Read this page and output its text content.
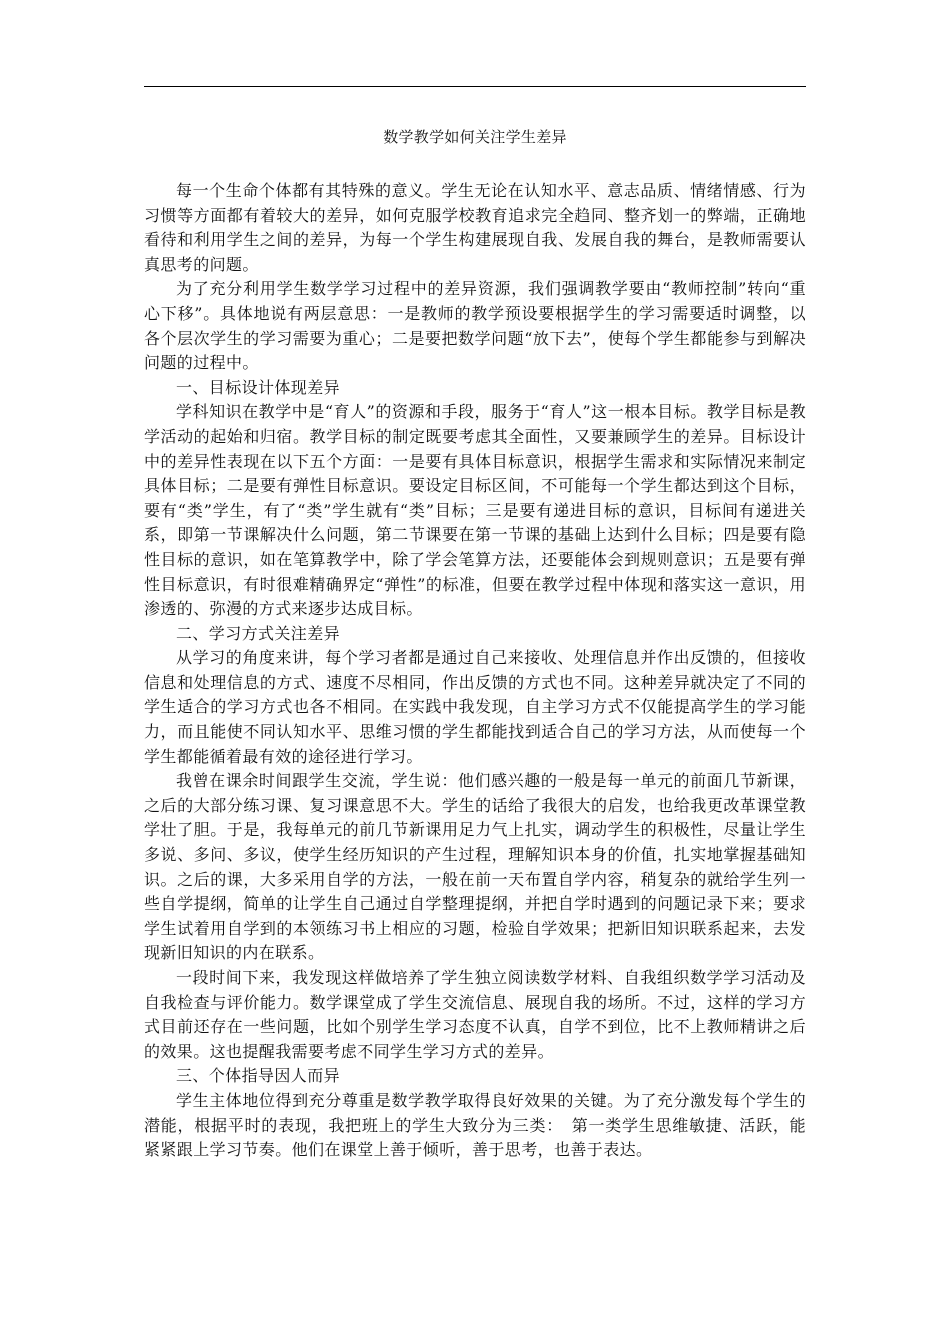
数学教学如何关注学生差异

每一个生命个体都有其特殊的意义。学生无论在认知水平、意志品质、情绪情感、行为习惯等方面都有着较大的差异，如何克服学校教育追求完全趋同、整齐划一的弊端，正确地看待和利用学生之间的差异，为每一个学生构建展现自我、发展自我的舞台，是教师需要认真思考的问题。

为了充分利用学生数学学习过程中的差异资源，我们强调教学要由“教师控制”转向“重心下移”。具体地说有两层意思：一是教师的教学预设要根据学生的学习需要适时调整，以各个层次学生的学习需要为重心；二是要把数学问题“放下去”，使每个学生都能参与到解决问题的过程中。

一、目标设计体现差异

学科知识在教学中是“育人”的资源和手段，服务于“育人”这一根本目标。教学目标是教学活动的起始和归宿。教学目标的制定既要考虑其全面性，又要兼顾学生的差异。目标设计中的差异性表现在以下五个方面：一是要有具体目标意识，根据学生需求和实际情况来制定具体目标；二是要有弹性目标意识。要设定目标区间，不可能每一个学生都达到这个目标，要有“类”学生，有了“类”学生就有“类”目标；三是要有递进目标的意识，目标间有递进关系，即第一节课解决什么问题，第二节课要在第一节课的基础上达到什么目标；四是要有隐性目标的意识，如在笔算教学中，除了学会笔算方法，还要能体会到规则意识；五是要有弹性目标意识，有时很难精确界定“弹性”的标准，但要在教学过程中体现和落实这一意识，用渗透的、弥漫的方式来逐步达成目标。

二、学习方式关注差异

从学习的角度来讲，每个学习者都是通过自己来接收、处理信息并作出反馈的，但接收信息和处理信息的方式、速度不尽相同，作出反馈的方式也不同。这种差异就决定了不同的学生适合的学习方式也各不相同。在实践中我发现，自主学习方式不仅能提高学生的学习能力，而且能使不同认知水平、思维习惯的学生都能找到适合自己的学习方法，从而使每一个学生都能循着最有效的途径进行学习。

我曾在课余时间跟学生交流，学生说：他们感兴趣的一般是每一单元的前面几节新课，之后的大部分练习课、复习课意思不大。学生的话给了我很大的启发，也给我更改革课堂教学壮了胆。于是，我每单元的前几节新课用足力气上扎实，调动学生的积极性，尽量让学生多说、多问、多议，使学生经历知识的产生过程，理解知识本身的价值，扎实地掌握基础知识。之后的课，大多采用自学的方法，一般在前一天布置自学内容，稍复杂的就给学生列一些自学提纲，简单的让学生自己通过自学整理提纲，并把自学时遇到的问题记录下来；要求学生试着用自学到的本领练习书上相应的习题，检验自学效果；把新旧知识联系起来，去发现新旧知识的内在联系。

一段时间下来，我发现这样做培养了学生独立阅读数学材料、自我组织数学学习活动及自我检查与评价能力。数学课堂成了学生交流信息、展现自我的场所。不过，这样的学习方式目前还存在一些问题，比如个别学生学习态度不认真，自学不到位，比不上教师精讲之后的效果。这也提醒我需要考虑不同学生学习方式的差异。

三、个体指导因人而异

学生主体地位得到充分尊重是数学教学取得良好效果的关键。为了充分激发每个学生的潜能，根据平时的表现，我把班上的学生大致分为三类：　第一类学生思维敏捷、活跃，能紧紧跟上学习节奏。他们在课堂上善于倾听，善于思考，也善于表达。
